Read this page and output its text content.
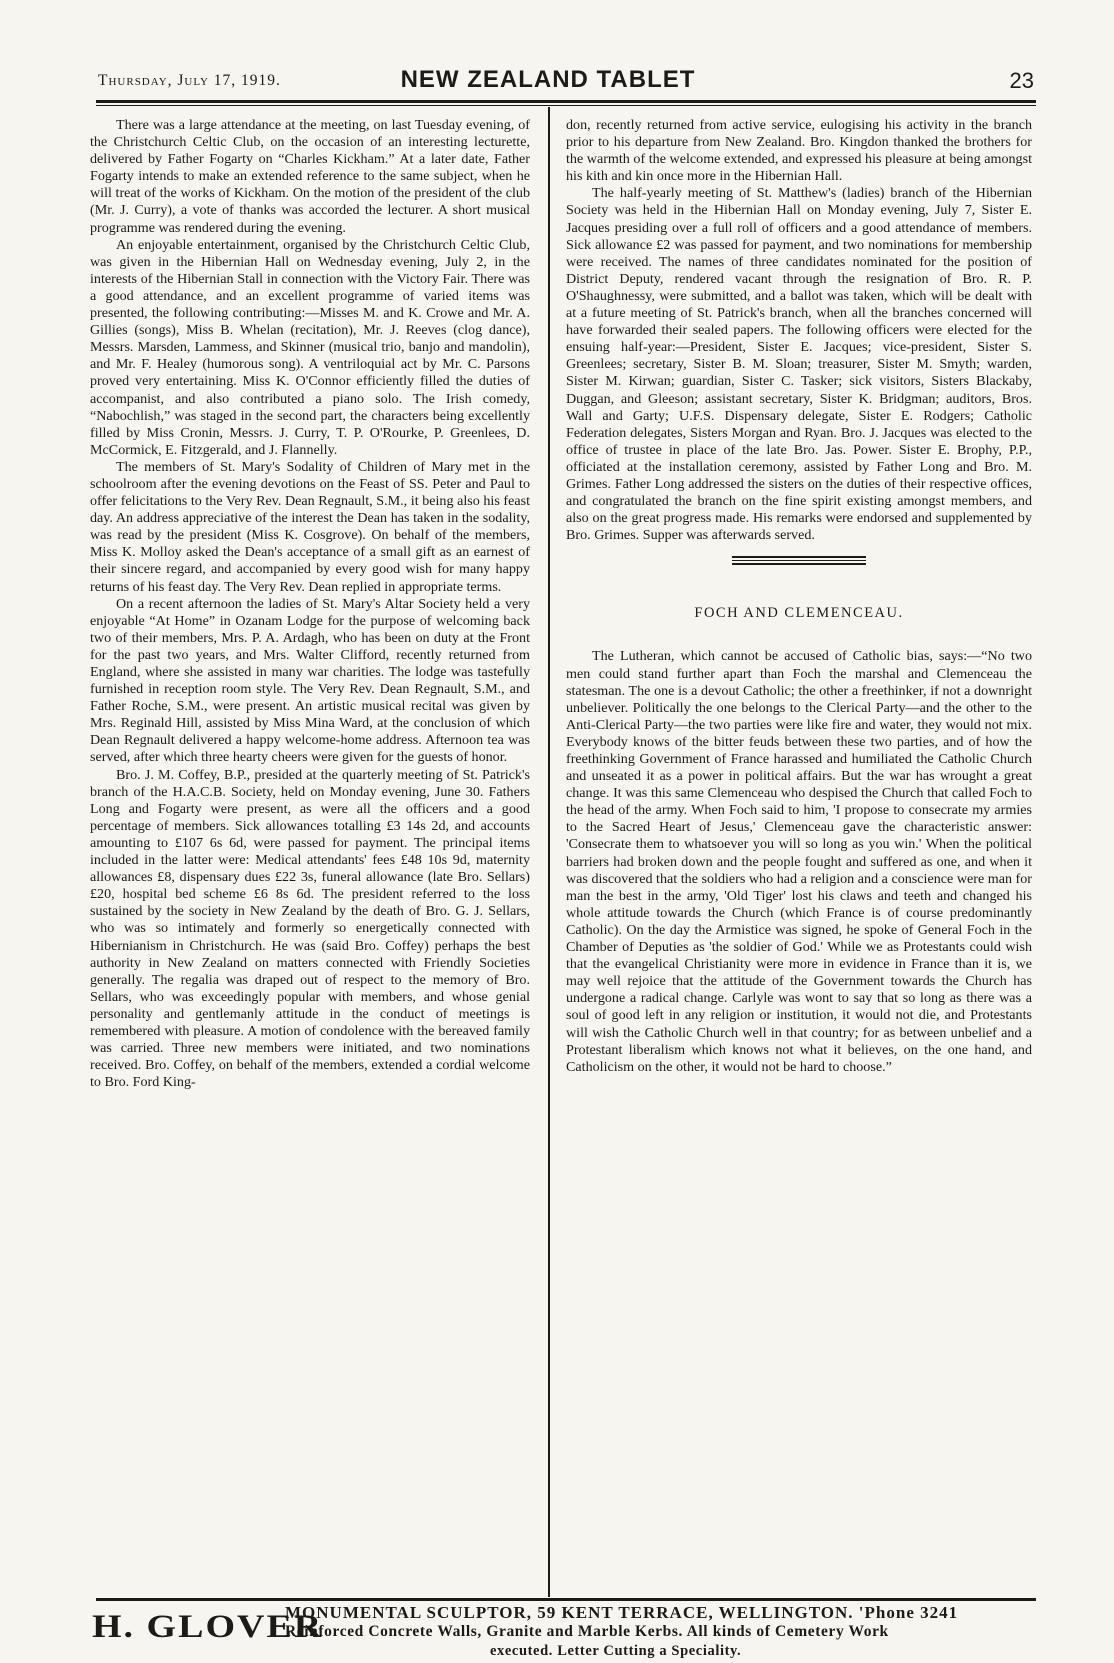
Thursday, July 17, 1919.	NEW ZEALAND TABLET	23

There was a large attendance at the meeting, on last Tuesday evening, of the Christchurch Celtic Club, on the occasion of an interesting lecturette, delivered by Father Fogarty on “Charles Kickham.” At a later date, Father Fogarty intends to make an extended reference to the same subject, when he will treat of the works of Kickham. On the motion of the president of the club (Mr. J. Curry), a vote of thanks was accorded the lecturer. A short musical programme was rendered during the evening.

An enjoyable entertainment, organised by the Christchurch Celtic Club, was given in the Hibernian Hall on Wednesday evening, July 2, in the interests of the Hibernian Stall in connection with the Victory Fair. There was a good attendance, and an excellent programme of varied items was presented, the following contributing:—Misses M. and K. Crowe and Mr. A. Gillies (songs), Miss B. Whelan (recitation), Mr. J. Reeves (clog dance), Messrs. Marsden, Lammess, and Skinner (musical trio, banjo and mandolin), and Mr. F. Healey (humorous song). A ventriloquial act by Mr. C. Parsons proved very entertaining. Miss K. O'Connor efficiently filled the duties of accompanist, and also contributed a piano solo. The Irish comedy, “Nabochlish,” was staged in the second part, the characters being excellently filled by Miss Cronin, Messrs. J. Curry, T. P. O'Rourke, P. Greenlees, D. McCormick, E. Fitzgerald, and J. Flannelly.

The members of St. Mary's Sodality of Children of Mary met in the schoolroom after the evening devotions on the Feast of SS. Peter and Paul to offer felicitations to the Very Rev. Dean Regnault, S.M., it being also his feast day. An address appreciative of the interest the Dean has taken in the sodality, was read by the president (Miss K. Cosgrove). On behalf of the members, Miss K. Molloy asked the Dean's acceptance of a small gift as an earnest of their sincere regard, and accompanied by every good wish for many happy returns of his feast day. The Very Rev. Dean replied in appropriate terms.

On a recent afternoon the ladies of St. Mary's Altar Society held a very enjoyable “At Home” in Ozanam Lodge for the purpose of welcoming back two of their members, Mrs. P. A. Ardagh, who has been on duty at the Front for the past two years, and Mrs. Walter Clifford, recently returned from England, where she assisted in many war charities. The lodge was tastefully furnished in reception room style. The Very Rev. Dean Regnault, S.M., and Father Roche, S.M., were present. An artistic musical recital was given by Mrs. Reginald Hill, assisted by Miss Mina Ward, at the conclusion of which Dean Regnault delivered a happy welcome-home address. Afternoon tea was served, after which three hearty cheers were given for the guests of honor.

Bro. J. M. Coffey, B.P., presided at the quarterly meeting of St. Patrick's branch of the H.A.C.B. Society, held on Monday evening, June 30. Fathers Long and Fogarty were present, as were all the officers and a good percentage of members. Sick allowances totalling £3 14s 2d, and accounts amounting to £107 6s 6d, were passed for payment. The principal items included in the latter were: Medical attendants' fees £48 10s 9d, maternity allowances £8, dispensary dues £22 3s, funeral allowance (late Bro. Sellars) £20, hospital bed scheme £6 8s 6d. The president referred to the loss sustained by the society in New Zealand by the death of Bro. G. J. Sellars, who was so intimately and formerly so energetically connected with Hibernianism in Christchurch. He was (said Bro. Coffey) perhaps the best authority in New Zealand on matters connected with Friendly Societies generally. The regalia was draped out of respect to the memory of Bro. Sellars, who was exceedingly popular with members, and whose genial personality and gentlemanly attitude in the conduct of meetings is remembered with pleasure. A motion of condolence with the bereaved family was carried. Three new members were initiated, and two nominations received. Bro. Coffey, on behalf of the members, extended a cordial welcome to Bro. Ford King-

don, recently returned from active service, eulogising his activity in the branch prior to his departure from New Zealand. Bro. Kingdon thanked the brothers for the warmth of the welcome extended, and expressed his pleasure at being amongst his kith and kin once more in the Hibernian Hall.

The half-yearly meeting of St. Matthew's (ladies) branch of the Hibernian Society was held in the Hibernian Hall on Monday evening, July 7, Sister E. Jacques presiding over a full roll of officers and a good attendance of members. Sick allowance £2 was passed for payment, and two nominations for membership were received. The names of three candidates nominated for the position of District Deputy, rendered vacant through the resignation of Bro. R. P. O'Shaughnessy, were submitted, and a ballot was taken, which will be dealt with at a future meeting of St. Patrick's branch, when all the branches concerned will have forwarded their sealed papers. The following officers were elected for the ensuing half-year:—President, Sister E. Jacques; vice-president, Sister S. Greenlees; secretary, Sister B. M. Sloan; treasurer, Sister M. Smyth; warden, Sister M. Kirwan; guardian, Sister C. Tasker; sick visitors, Sisters Blackaby, Duggan, and Gleeson; assistant secretary, Sister K. Bridgman; auditors, Bros. Wall and Garty; U.F.S. Dispensary delegate, Sister E. Rodgers; Catholic Federation delegates, Sisters Morgan and Ryan. Bro. J. Jacques was elected to the office of trustee in place of the late Bro. Jas. Power. Sister E. Brophy, P.P., officiated at the installation ceremony, assisted by Father Long and Bro. M. Grimes. Father Long addressed the sisters on the duties of their respective offices, and congratulated the branch on the fine spirit existing amongst members, and also on the great progress made. His remarks were endorsed and supplemented by Bro. Grimes. Supper was afterwards served.

FOCH AND CLEMENCEAU.

The Lutheran, which cannot be accused of Catholic bias, says:—“No two men could stand further apart than Foch the marshal and Clemenceau the statesman. The one is a devout Catholic; the other a freethinker, if not a downright unbeliever. Politically the one belongs to the Clerical Party—and the other to the Anti-Clerical Party—the two parties were like fire and water, they would not mix. Everybody knows of the bitter feuds between these two parties, and of how the freethinking Government of France harassed and humiliated the Catholic Church and unseated it as a power in political affairs. But the war has wrought a great change. It was this same Clemenceau who despised the Church that called Foch to the head of the army. When Foch said to him, 'I propose to consecrate my armies to the Sacred Heart of Jesus,' Clemenceau gave the characteristic answer: 'Consecrate them to whatsoever you will so long as you win.' When the political barriers had broken down and the people fought and suffered as one, and when it was discovered that the soldiers who had a religion and a conscience were man for man the best in the army, 'Old Tiger' lost his claws and teeth and changed his whole attitude towards the Church (which France is of course predominantly Catholic). On the day the Armistice was signed, he spoke of General Foch in the Chamber of Deputies as 'the soldier of God.' While we as Protestants could wish that the evangelical Christianity were more in evidence in France than it is, we may well rejoice that the attitude of the Government towards the Church has undergone a radical change. Carlyle was wont to say that so long as there was a soul of good left in any religion or institution, it would not die, and Protestants will wish the Catholic Church well in that country; for as between unbelief and a Protestant liberalism which knows not what it believes, on the one hand, and Catholicism on the other, it would not be hard to choose.”

H. GLOVER
MONUMENTAL SCULPTOR, 59 KENT TERRACE, WELLINGTON. 'Phone 3241
Reinforced Concrete Walls, Granite and Marble Kerbs. All kinds of Cemetery Work
executed. Letter Cutting a Speciality.
